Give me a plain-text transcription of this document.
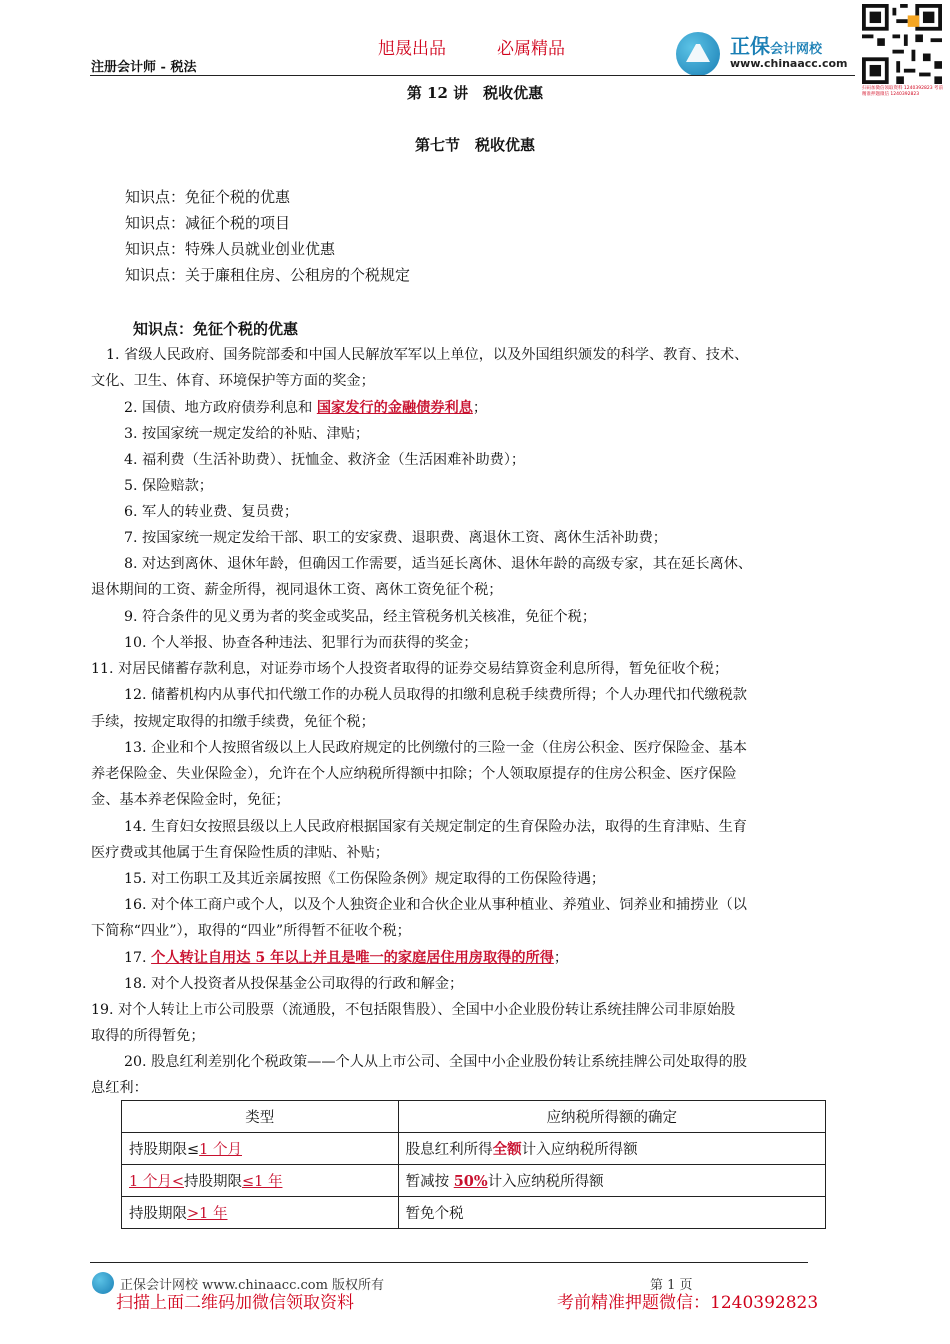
旭晟出品	必属精品
注册会计师 - 税法
正保会计网校
www.chinaacc.com
扫码加微信领取资料 1240392823 考前精准押题微信 1240392823
第 12 讲　税收优惠
第七节　税收优惠
知识点：免征个税的优惠
知识点：减征个税的项目
知识点：特殊人员就业创业优惠
知识点：关于廉租住房、公租房的个税规定
知识点：免征个税的优惠
1. 省级人民政府、国务院部委和中国人民解放军军以上单位，以及外国组织颁发的科学、教育、技术、
文化、卫生、体育、环境保护等方面的奖金；
2. 国债、地方政府债券利息和 国家发行的金融债券利息；
3. 按国家统一规定发给的补贴、津贴；
4. 福利费（生活补助费）、抚恤金、救济金（生活困难补助费）；
5. 保险赔款；
6. 军人的转业费、复员费；
7. 按国家统一规定发给干部、职工的安家费、退职费、离退休工资、离休生活补助费；
8. 对达到离休、退休年龄，但确因工作需要，适当延长离休、退休年龄的高级专家，其在延长离休、
退休期间的工资、薪金所得，视同退休工资、离休工资免征个税；
9. 符合条件的见义勇为者的奖金或奖品，经主管税务机关核准，免征个税；
10. 个人举报、协查各种违法、犯罪行为而获得的奖金；
11. 对居民储蓄存款利息，对证券市场个人投资者取得的证券交易结算资金利息所得，暂免征收个税；
12. 储蓄机构内从事代扣代缴工作的办税人员取得的扣缴利息税手续费所得；个人办理代扣代缴税款
手续，按规定取得的扣缴手续费，免征个税；
13. 企业和个人按照省级以上人民政府规定的比例缴付的三险一金（住房公积金、医疗保险金、基本
养老保险金、失业保险金），允许在个人应纳税所得额中扣除；个人领取原提存的住房公积金、医疗保险
金、基本养老保险金时，免征；
14. 生育妇女按照县级以上人民政府根据国家有关规定制定的生育保险办法，取得的生育津贴、生育
医疗费或其他属于生育保险性质的津贴、补贴；
15. 对工伤职工及其近亲属按照《工伤保险条例》规定取得的工伤保险待遇；
16. 对个体工商户或个人，以及个人独资企业和合伙企业从事种植业、养殖业、饲养业和捕捞业（以
下简称“四业”），取得的“四业”所得暂不征收个税；
17. 个人转让自用达 5 年以上并且是唯一的家庭居住用房取得的所得；
18. 对个人投资者从投保基金公司取得的行政和解金；
19. 对个人转让上市公司股票（流通股，不包括限售股）、全国中小企业股份转让系统挂牌公司非原始股
取得的所得暂免；
20. 股息红利差别化个税政策——个人从上市公司、全国中小企业股份转让系统挂牌公司处取得的股
息红利：
类型	应纳税所得额的确定
持股期限≤1 个月	股息红利所得全额计入应纳税所得额
1 个月<持股期限≤1 年	暂减按 50%计入应纳税所得额
持股期限>1 年	暂免个税
正保会计网校 www.chinaacc.com 版权所有	第 1 页
扫描上面二维码加微信领取资料	考前精准押题微信：1240392823
